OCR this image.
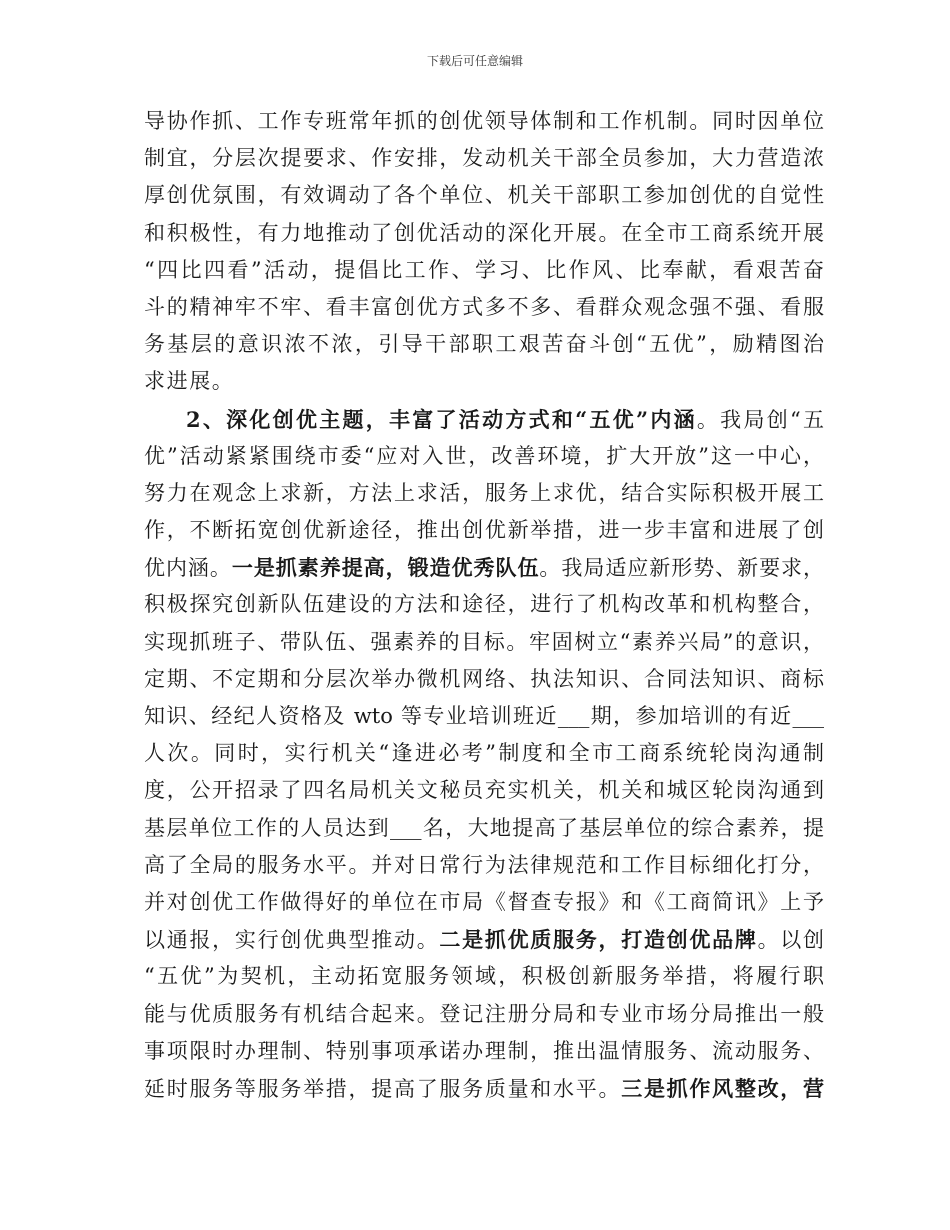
下载后可任意编辑
导协作抓、工作专班常年抓的创优领导体制和工作机制。同时因单位
制宜，分层次提要求、作安排，发动机关干部全员参加，大力营造浓
厚创优氛围，有效调动了各个单位、机关干部职工参加创优的自觉性
和积极性，有力地推动了创优活动的深化开展。在全市工商系统开展
“四比四看”活动，提倡比工作、学习、比作风、比奉献，看艰苦奋
斗的精神牢不牢、看丰富创优方式多不多、看群众观念强不强、看服
务基层的意识浓不浓，引导干部职工艰苦奋斗创“五优”，励精图治
求进展。
2、深化创优主题，丰富了活动方式和“五优”内涵。我局创“五
优”活动紧紧围绕市委“应对入世，改善环境，扩大开放”这一中心，
努力在观念上求新，方法上求活，服务上求优，结合实际积极开展工
作，不断拓宽创优新途径，推出创优新举措，进一步丰富和进展了创
优内涵。一是抓素养提高，锻造优秀队伍。我局适应新形势、新要求，
积极探究创新队伍建设的方法和途径，进行了机构改革和机构整合，
实现抓班子、带队伍、强素养的目标。牢固树立“素养兴局”的意识，
定期、不定期和分层次举办微机网络、执法知识、合同法知识、商标
知识、经纪人资格及 wto 等专业培训班近___期，参加培训的有近___
人次。同时，实行机关“逢进必考”制度和全市工商系统轮岗沟通制
度，公开招录了四名局机关文秘员充实机关，机关和城区轮岗沟通到
基层单位工作的人员达到___名，大地提高了基层单位的综合素养，提
高了全局的服务水平。并对日常行为法律规范和工作目标细化打分，
并对创优工作做得好的单位在市局《督查专报》和《工商简讯》上予
以通报，实行创优典型推动。二是抓优质服务，打造创优品牌。以创
“五优”为契机，主动拓宽服务领域，积极创新服务举措，将履行职
能与优质服务有机结合起来。登记注册分局和专业市场分局推出一般
事项限时办理制、特别事项承诺办理制，推出温情服务、流动服务、
延时服务等服务举措，提高了服务质量和水平。三是抓作风整改，营
